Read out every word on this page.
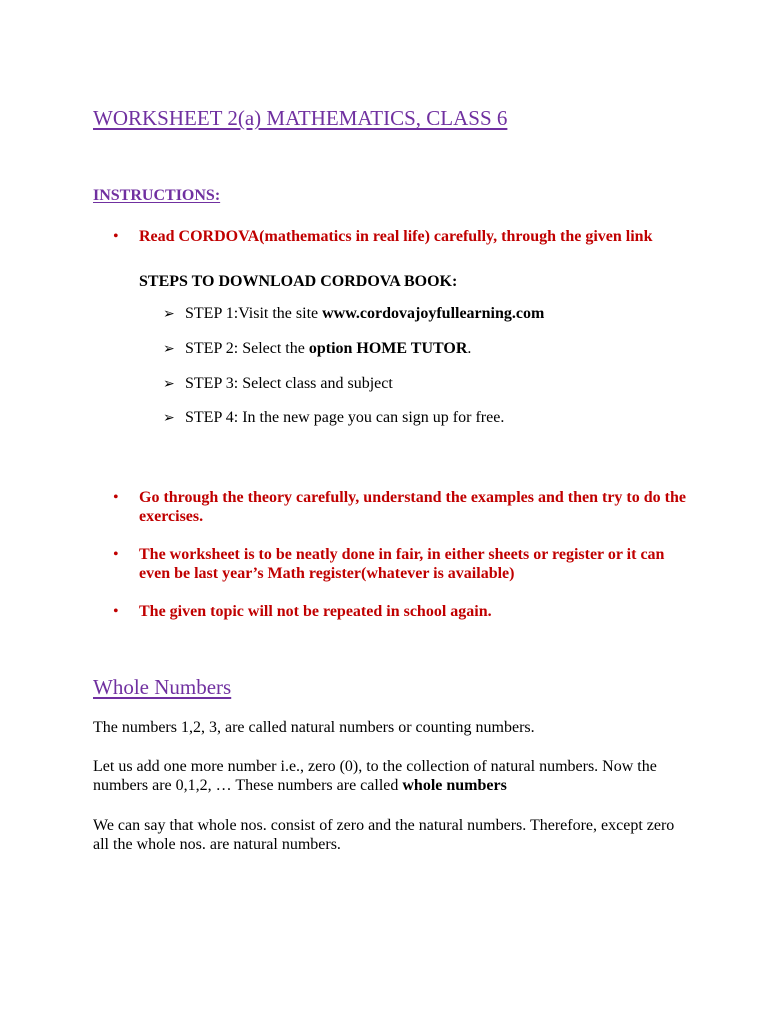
WORKSHEET 2(a) MATHEMATICS, CLASS 6
INSTRUCTIONS:
• Read CORDOVA(mathematics in real life) carefully, through the given link
STEPS TO DOWNLOAD CORDOVA BOOK:
➢ STEP 1:Visit the site www.cordovajoyfullearning.com
➢ STEP 2: Select the option HOME TUTOR.
➢ STEP 3: Select class and subject
➢ STEP 4: In the new page you can sign up for free.
• Go through the theory carefully, understand the examples and then try to do the exercises.
• The worksheet is to be neatly done in fair, in either sheets or register or it can even be last year’s Math register(whatever is available)
• The given topic will not be repeated in school again.
Whole Numbers
The numbers 1,2, 3, are called natural numbers or counting numbers.
Let us add one more number i.e., zero (0), to the collection of natural numbers. Now the numbers are 0,1,2, … These numbers are called whole numbers
We can say that whole nos. consist of zero and the natural numbers. Therefore, except zero all the whole nos. are natural numbers.
